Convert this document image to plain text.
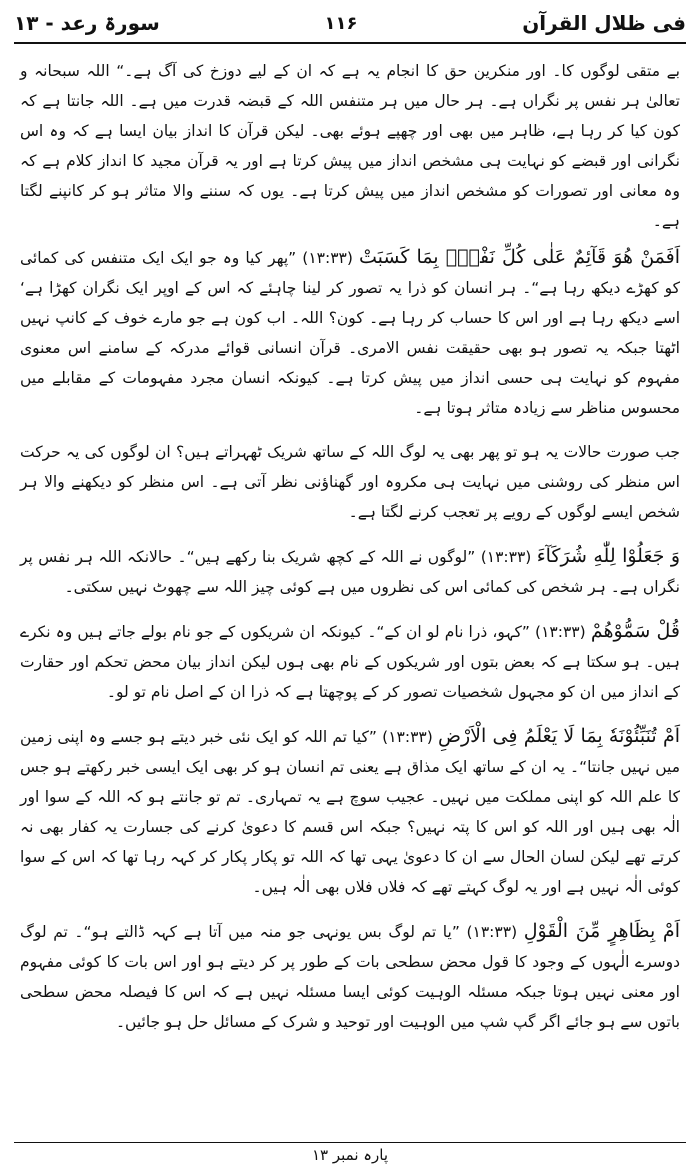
سورۃ رعد - ۱۳	۱۱۶	فی ظلال القرآن

بے متقی لوگوں کا۔ اور منکرین حق کا انجام یہ ہے کہ ان کے لیے دوزخ کی آگ ہے۔“ اللہ سبحانہ و تعالیٰ ہر نفس پر نگراں ہے۔ ہر حال میں ہر متنفس اللہ کے قبضہ قدرت میں ہے۔ اللہ جانتا ہے کہ کون کیا کر رہا ہے، ظاہر میں بھی اور چھپے ہوئے بھی۔ لیکن قرآن کا انداز بیان ایسا ہے کہ وہ اس نگرانی اور قبضے کو نہایت ہی مشخص انداز میں پیش کرتا ہے اور یہ قرآن مجید کا انداز کلام ہے کہ وہ معانی اور تصورات کو مشخص انداز میں پیش کرتا ہے۔ یوں کہ سننے والا متاثر ہو کر کانپنے لگتا ہے۔

اَفَمَنْ هُوَ قَآئِمٌ عَلٰى كُلِّ نَفْسٍۢ بِمَا كَسَبَتْ (۱۳:۳۳) ”پھر کیا وہ جو ایک ایک متنفس کی کمائی کو کھڑے دیکھ رہا ہے“۔ ہر انسان کو ذرا یہ تصور کر لینا چاہئے کہ اس کے اوپر ایک نگران کھڑا ہے‘ اسے دیکھ رہا ہے اور اس کا حساب کر رہا ہے۔ کون؟ اللہ۔ اب کون ہے جو مارے خوف کے کانپ نہیں اٹھتا جبکہ یہ تصور ہو بھی حقیقت نفس الامری۔ قرآن انسانی قوائے مدرکہ کے سامنے اس معنوی مفہوم کو نہایت ہی حسی انداز میں پیش کرتا ہے۔ کیونکہ انسان مجرد مفہومات کے مقابلے میں محسوس مناظر سے زیادہ متاثر ہوتا ہے۔

جب صورت حالات یہ ہو تو پھر بھی یہ لوگ اللہ کے ساتھ شریک ٹھہراتے ہیں؟ ان لوگوں کی یہ حرکت اس منظر کی روشنی میں نہایت ہی مکروہ اور گھناؤنی نظر آتی ہے۔ اس منظر کو دیکھنے والا ہر شخص ایسے لوگوں کے رویے پر تعجب کرنے لگتا ہے۔

وَ جَعَلُوْا لِلّٰهِ شُرَكَآءَ (۱۳:۳۳) ”لوگوں نے اللہ کے کچھ شریک بنا رکھے ہیں“۔ حالانکہ اللہ ہر نفس پر نگراں ہے۔ ہر شخص کی کمائی اس کی نظروں میں ہے کوئی چیز اللہ سے چھوٹ نہیں سکتی۔

قُلْ سَمُّوْهُمْ (۱۳:۳۳) ”کہو، ذرا نام لو ان کے“۔ کیونکہ ان شریکوں کے جو نام بولے جاتے ہیں وہ نکرے ہیں۔ ہو سکتا ہے کہ بعض بتوں اور شریکوں کے نام بھی ہوں لیکن انداز بیان محض تحکم اور حقارت کے انداز میں ان کو مجہول شخصیات تصور کر کے پوچھتا ہے کہ ذرا ان کے اصل نام تو لو۔

اَمْ تُنَبِّئُوْنَهٗ بِمَا لَا یَعْلَمُ فِی الْاَرْضِ (۱۳:۳۳) ”کیا تم اللہ کو ایک نئی خبر دیتے ہو جسے وہ اپنی زمین میں نہیں جانتا“۔ یہ ان کے ساتھ ایک مذاق ہے یعنی تم انسان ہو کر بھی ایک ایسی خبر رکھتے ہو جس کا علم اللہ کو اپنی مملکت میں نہیں۔ عجیب سوچ ہے یہ تمہاری۔ تم تو جانتے ہو کہ اللہ کے سوا اور الٰہ بھی ہیں اور اللہ کو اس کا پتہ نہیں؟ جبکہ اس قسم کا دعویٰ کرنے کی جسارت یہ کفار بھی نہ کرتے تھے لیکن لسان الحال سے ان کا دعویٰ یہی تھا کہ اللہ تو پکار پکار کر کہہ رہا تھا کہ اس کے سوا کوئی الٰہ نہیں ہے اور یہ لوگ کہتے تھے کہ فلاں فلاں بھی الٰہ ہیں۔

اَمْ بِظَاهِرٍ مِّنَ الْقَوْلِ (۱۳:۳۳) ”یا تم لوگ بس یونہی جو منہ میں آتا ہے کہہ ڈالتے ہو“۔ تم لوگ دوسرے الٰہوں کے وجود کا قول محض سطحی بات کے طور پر کر دیتے ہو اور اس بات کا کوئی مفہوم اور معنی نہیں ہوتا جبکہ مسئلہ الوہیت کوئی ایسا مسئلہ نہیں ہے کہ اس کا فیصلہ محض سطحی باتوں سے ہو جائے اگر گپ شپ میں الوہیت اور توحید و شرک کے مسائل حل ہو جائیں۔

پارہ نمبر ۱۳
